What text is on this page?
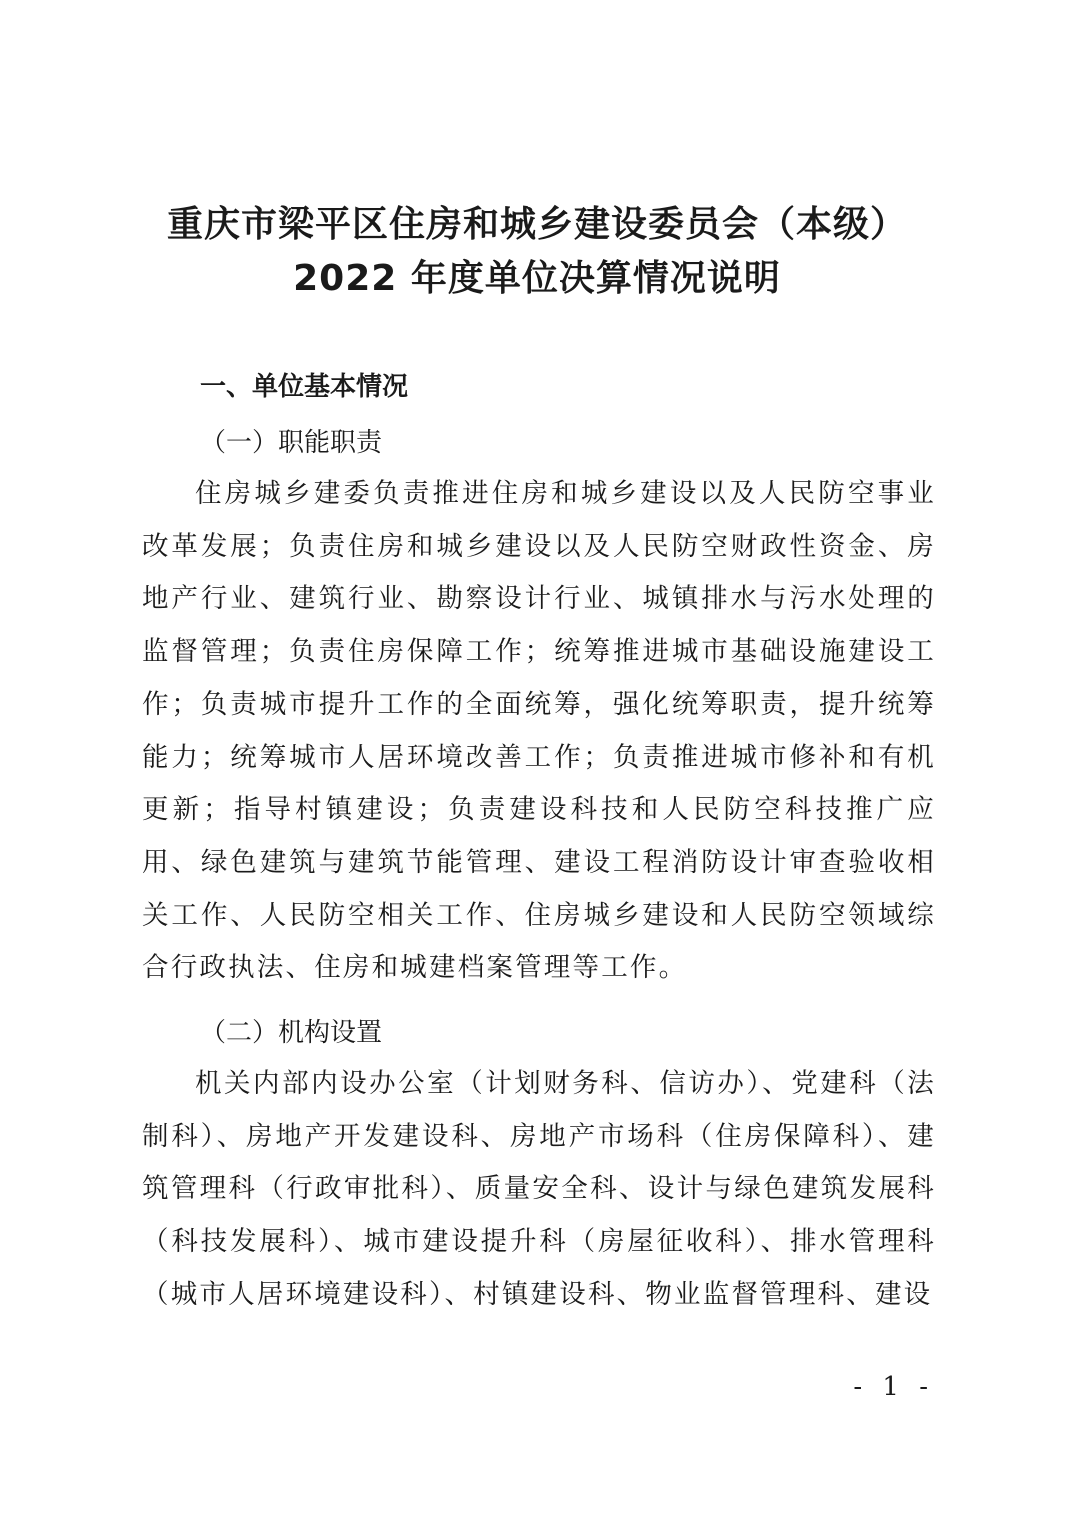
重庆市梁平区住房和城乡建设委员会（本级）
2022 年度单位决算情况说明
一、单位基本情况
（一）职能职责

住房城乡建委负责推进住房和城乡建设以及人民防空事业改革发展；负责住房和城乡建设以及人民防空财政性资金、房地产行业、建筑行业、勘察设计行业、城镇排水与污水处理的监督管理；负责住房保障工作；统筹推进城市基础设施建设工作；负责城市提升工作的全面统筹，强化统筹职责，提升统筹能力；统筹城市人居环境改善工作；负责推进城市修补和有机更新；指导村镇建设；负责建设科技和人民防空科技推广应用、绿色建筑与建筑节能管理、建设工程消防设计审查验收相关工作、人民防空相关工作、住房城乡建设和人民防空领域综合行政执法、住房和城建档案管理等工作。

（二）机构设置

机关内部内设办公室（计划财务科、信访办）、党建科（法制科）、房地产开发建设科、房地产市场科（住房保障科）、建筑管理科（行政审批科）、质量安全科、设计与绿色建筑发展科（科技发展科）、城市建设提升科（房屋征收科）、排水管理科（城市人居环境建设科）、村镇建设科、物业监督管理科、建设

- 1 -
